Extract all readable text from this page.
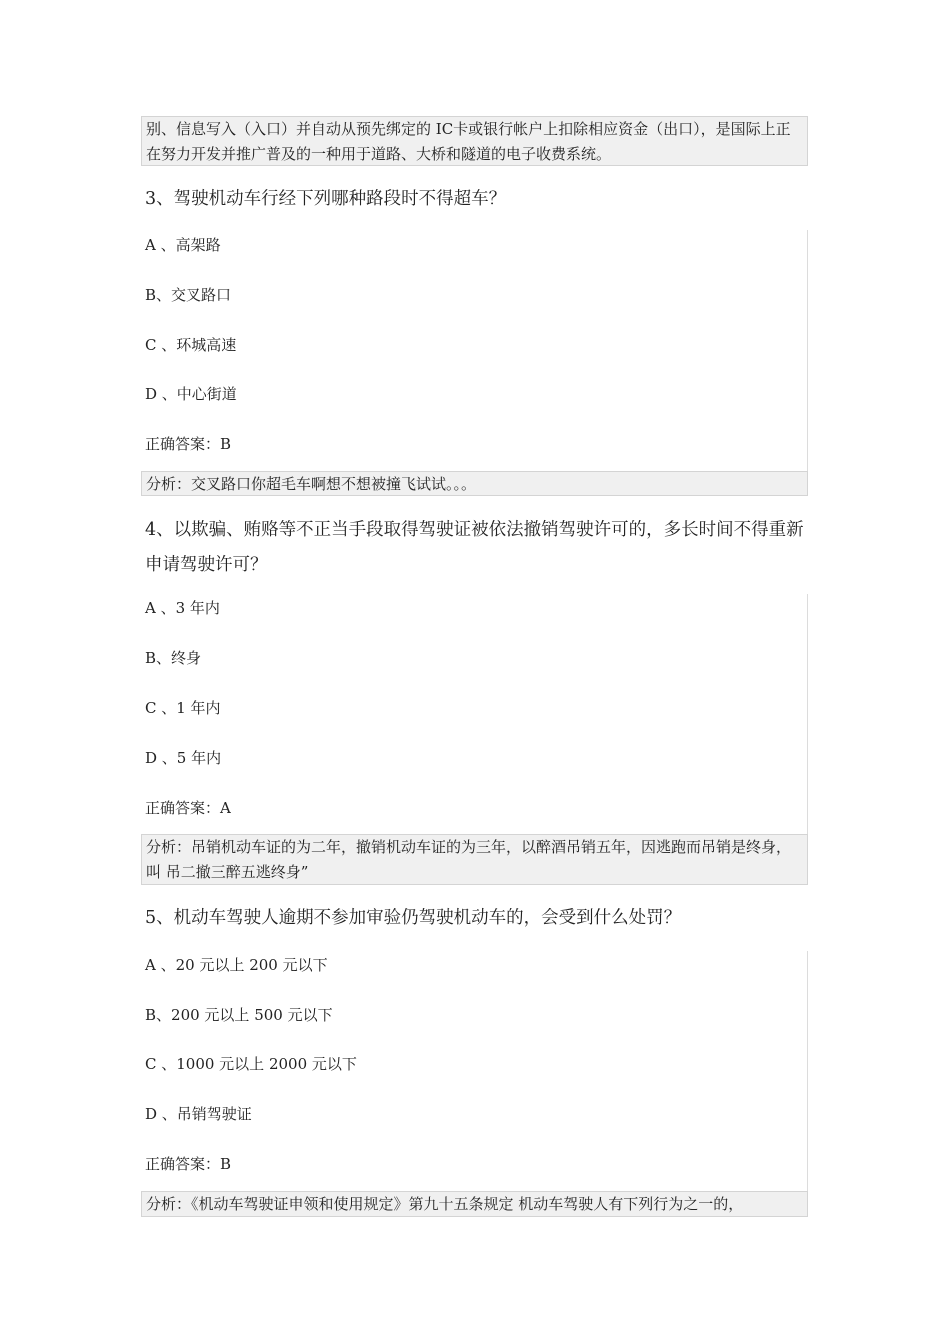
别、信息写入（入口）并自动从预先绑定的 IC卡或银行帐户上扣除相应资金（出口），是国际上正在努力开发并推广普及的一种用于道路、大桥和隧道的电子收费系统。
3、驾驶机动车行经下列哪种路段时不得超车？
A 、高架路
B、交叉路口
C 、环城高速
D 、中心街道
正确答案：B
分析：交叉路口你超毛车啊想不想被撞飞试试。。。
4、以欺骗、贿赂等不正当手段取得驾驶证被依法撤销驾驶许可的，多长时间不得重新申请驾驶许可？
A 、3 年内
B、终身
C 、1 年内
D 、5 年内
正确答案：A
分析：吊销机动车证的为二年，撤销机动车证的为三年，以醉酒吊销五年，因逃跑而吊销是终身，叫 吊二撤三醉五逃终身”
5、机动车驾驶人逾期不参加审验仍驾驶机动车的，会受到什么处罚？
A 、20 元以上 200 元以下
B、200 元以上 500 元以下
C 、1000 元以上 2000 元以下
D 、吊销驾驶证
正确答案：B
分析：《机动车驾驶证申领和使用规定》第九十五条规定 机动车驾驶人有下列行为之一的，
